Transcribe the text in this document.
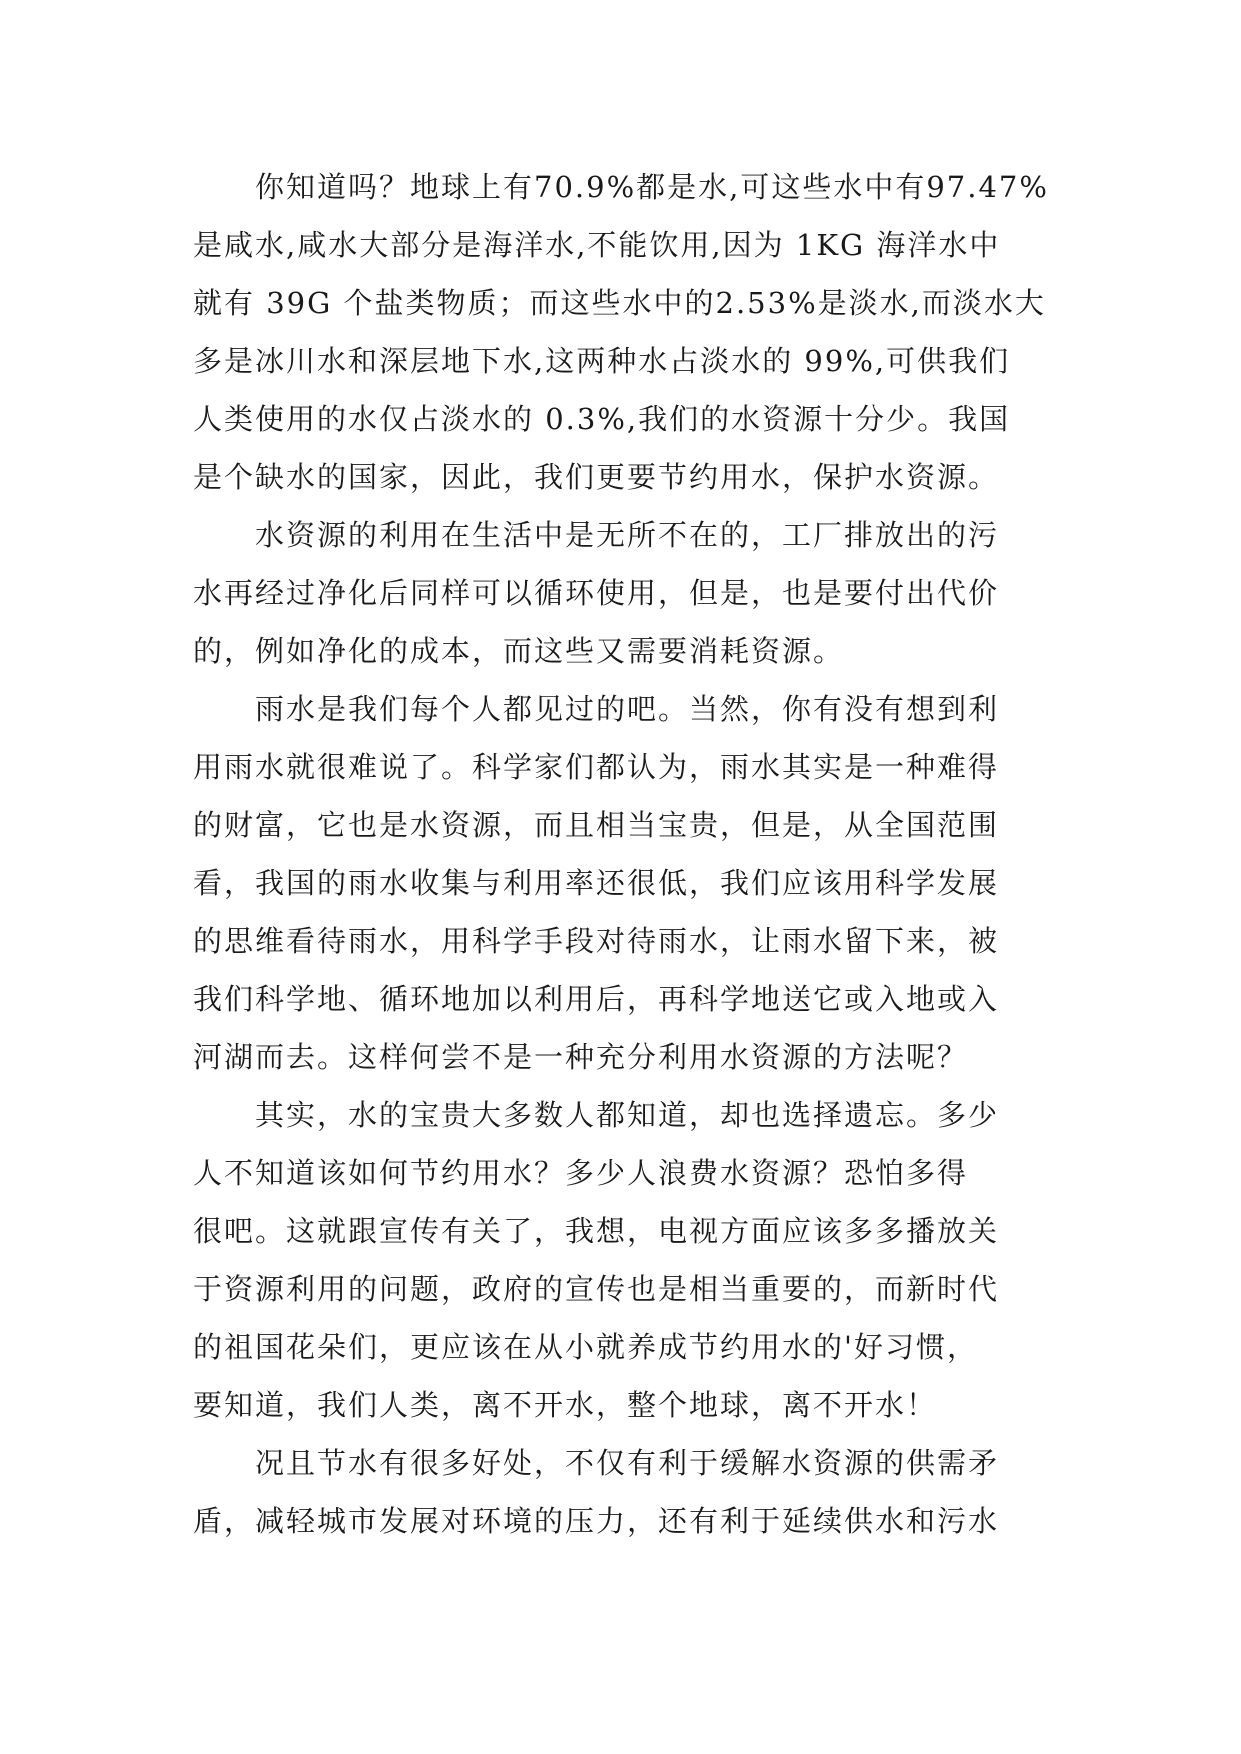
你知道吗？地球上有70.9%都是水,可这些水中有97.47%
是咸水,咸水大部分是海洋水,不能饮用,因为 1KG 海洋水中
就有 39G 个盐类物质；而这些水中的2.53%是淡水,而淡水大
多是冰川水和深层地下水,这两种水占淡水的 99%,可供我们
人类使用的水仅占淡水的 0.3%,我们的水资源十分少。我国
是个缺水的国家，因此，我们更要节约用水，保护水资源。
水资源的利用在生活中是无所不在的，工厂排放出的污
水再经过净化后同样可以循环使用，但是，也是要付出代价
的，例如净化的成本，而这些又需要消耗资源。
雨水是我们每个人都见过的吧。当然，你有没有想到利
用雨水就很难说了。科学家们都认为，雨水其实是一种难得
的财富，它也是水资源，而且相当宝贵，但是，从全国范围
看，我国的雨水收集与利用率还很低，我们应该用科学发展
的思维看待雨水，用科学手段对待雨水，让雨水留下来，被
我们科学地、循环地加以利用后，再科学地送它或入地或入
河湖而去。这样何尝不是一种充分利用水资源的方法呢？
其实，水的宝贵大多数人都知道，却也选择遗忘。多少
人不知道该如何节约用水？多少人浪费水资源？恐怕多得
很吧。这就跟宣传有关了，我想，电视方面应该多多播放关
于资源利用的问题，政府的宣传也是相当重要的，而新时代
的祖国花朵们，更应该在从小就养成节约用水的'好习惯，
要知道，我们人类，离不开水，整个地球，离不开水！
况且节水有很多好处，不仅有利于缓解水资源的供需矛
盾，减轻城市发展对环境的压力，还有利于延续供水和污水
